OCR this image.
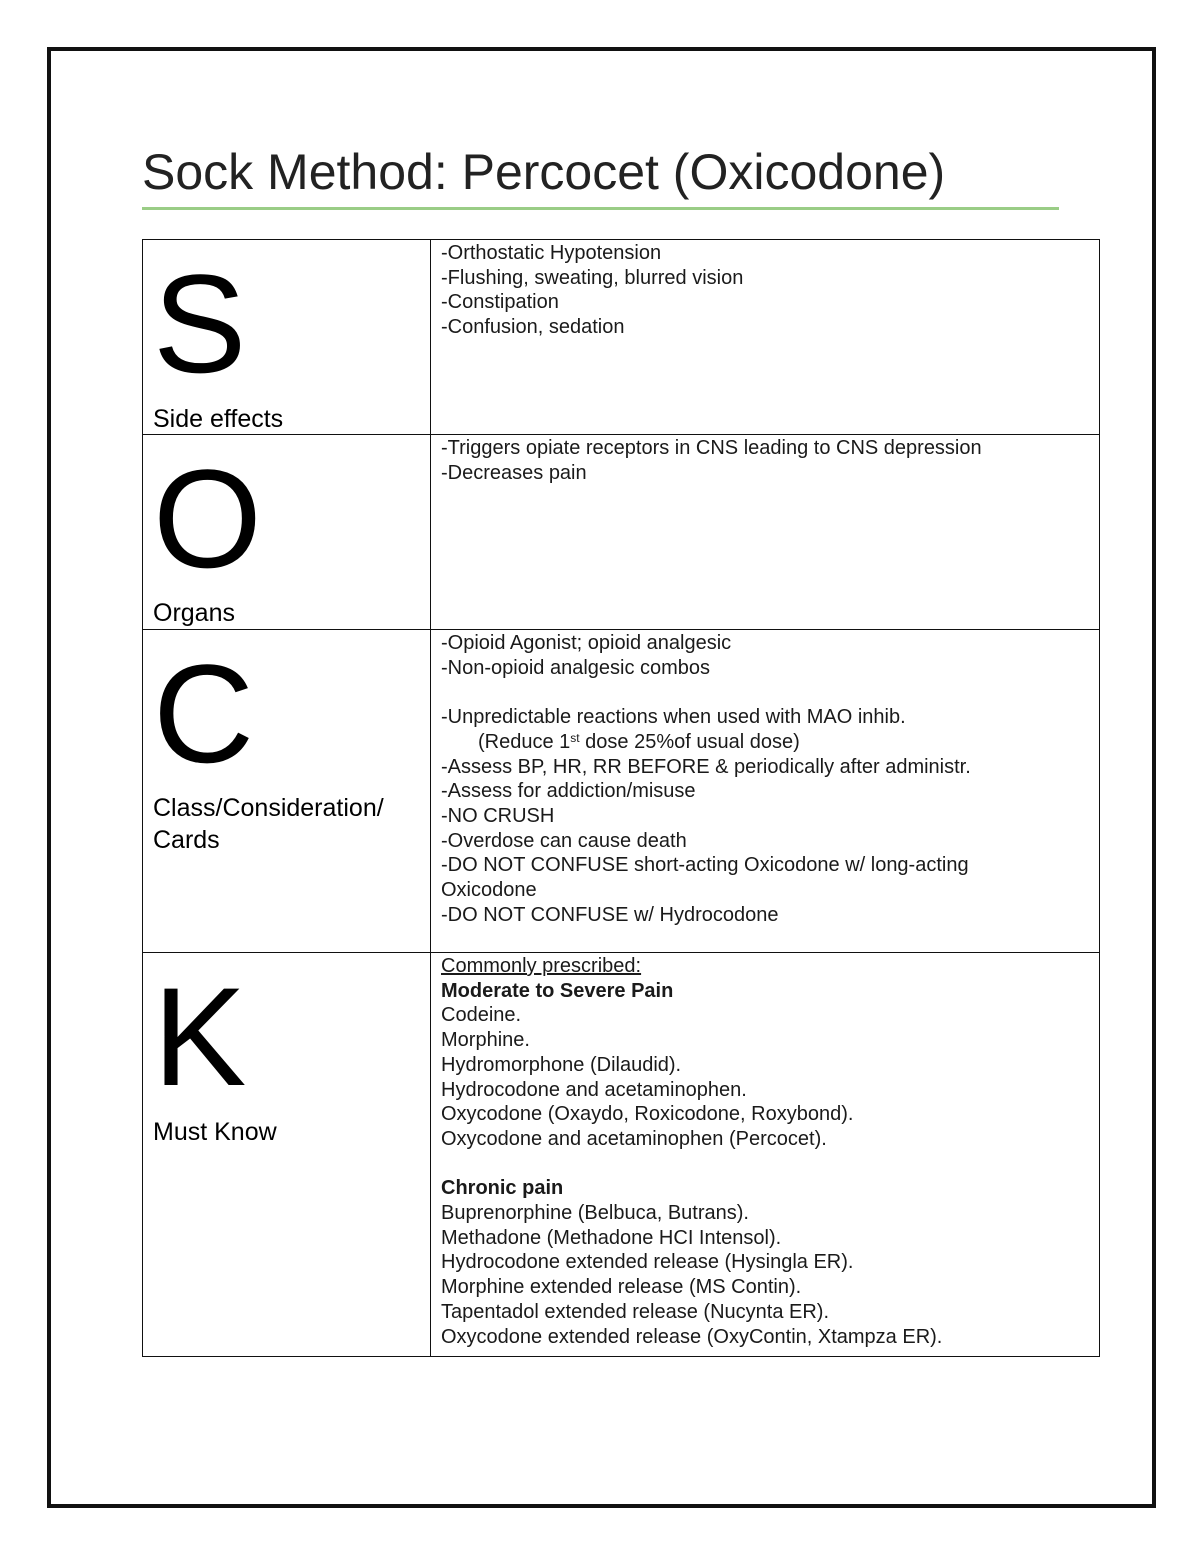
Sock Method: Percocet (Oxicodone)
S
Side effects
-Orthostatic Hypotension
-Flushing, sweating, blurred vision
-Constipation
-Confusion, sedation
O
Organs
-Triggers opiate receptors in CNS leading to CNS depression
-Decreases pain
C
Class/Consideration/
Cards
-Opioid Agonist; opioid analgesic
-Non-opioid analgesic combos
-Unpredictable reactions when used with MAO inhib.
(Reduce 1st dose 25%of usual dose)
-Assess BP, HR, RR BEFORE & periodically after administr.
-Assess for addiction/misuse
-NO CRUSH
-Overdose can cause death
-DO NOT CONFUSE short-acting Oxicodone w/ long-acting
Oxicodone
-DO NOT CONFUSE w/ Hydrocodone
K
Must Know
Commonly prescribed:
Moderate to Severe Pain
Codeine.
Morphine.
Hydromorphone (Dilaudid).
Hydrocodone and acetaminophen.
Oxycodone (Oxaydo, Roxicodone, Roxybond).
Oxycodone and acetaminophen (Percocet).
Chronic pain
Buprenorphine (Belbuca, Butrans).
Methadone (Methadone HCI Intensol).
Hydrocodone extended release (Hysingla ER).
Morphine extended release (MS Contin).
Tapentadol extended release (Nucynta ER).
Oxycodone extended release (OxyContin, Xtampza ER).
